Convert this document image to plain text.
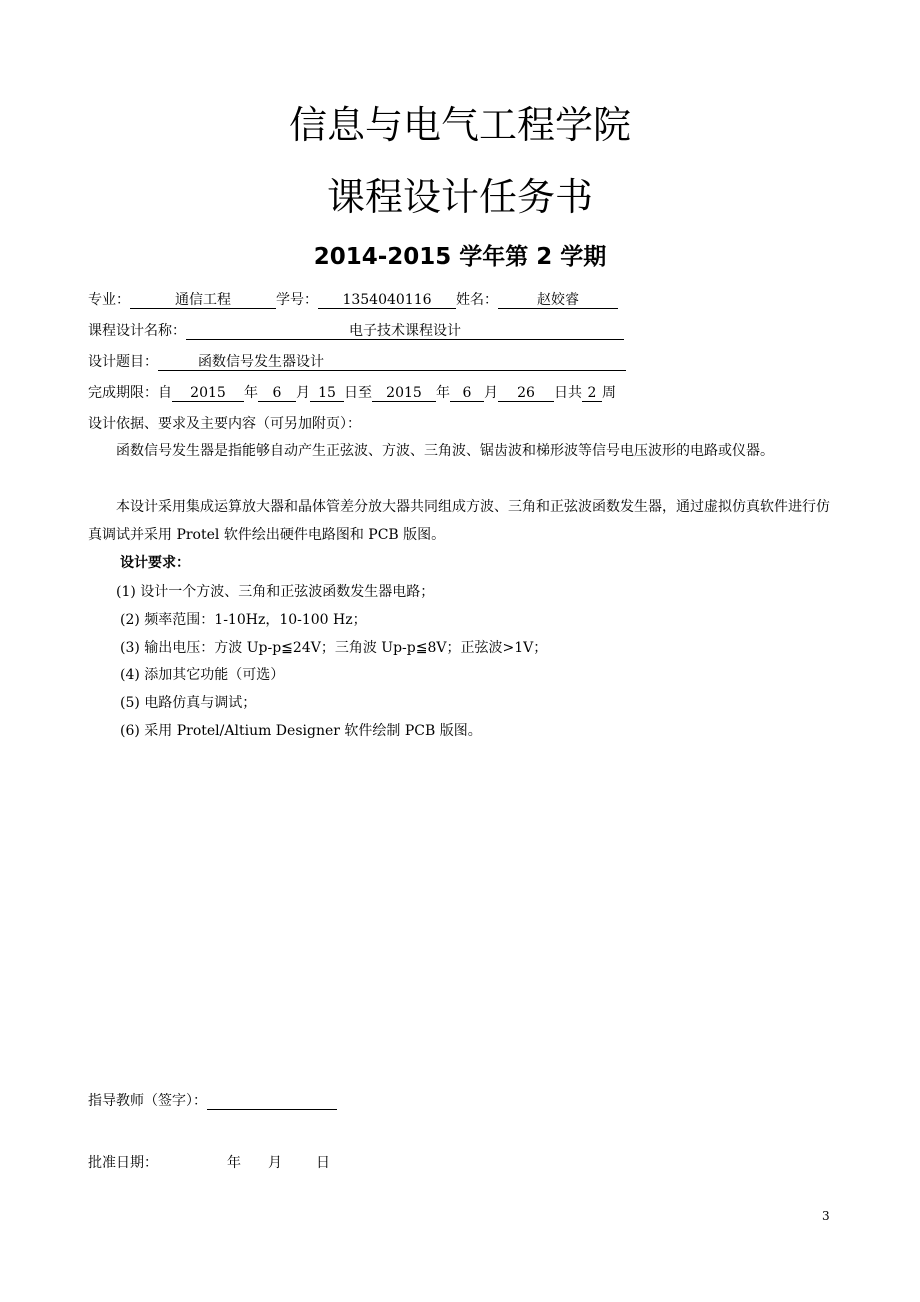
信息与电气工程学院
课程设计任务书
2014-2015 学年第 2 学期
专业：	通信工程	学号： 1354040116 姓名：	赵姣睿
课程设计名称：	电子技术课程设计
设计题目：	函数信号发生器设计
完成期限：自 2015 年 6 月 15 日至 2015 年 6 月 26 日共 2 周
设计依据、要求及主要内容（可另加附页）：
函数信号发生器是指能够自动产生正弦波、方波、三角波、锯齿波和梯形波等信号电压波形的电路或仪器。
本设计采用集成运算放大器和晶体管差分放大器共同组成方波、三角和正弦波函数发生器，通过虚拟仿真软件进行仿真调试并采用 Protel 软件绘出硬件电路图和 PCB 版图。
设计要求：
(1) 设计一个方波、三角和正弦波函数发生器电路；
(2) 频率范围：1-10Hz，10-100 Hz；
(3) 输出电压：方波 Up-p≦24V；三角波 Up-p≦8V；正弦波>1V；
(4) 添加其它功能（可选）
(5) 电路仿真与调试；
(6) 采用 Protel/Altium Designer 软件绘制 PCB 版图。
指导教师（签字）：
批准日期：	年 月 日
3
